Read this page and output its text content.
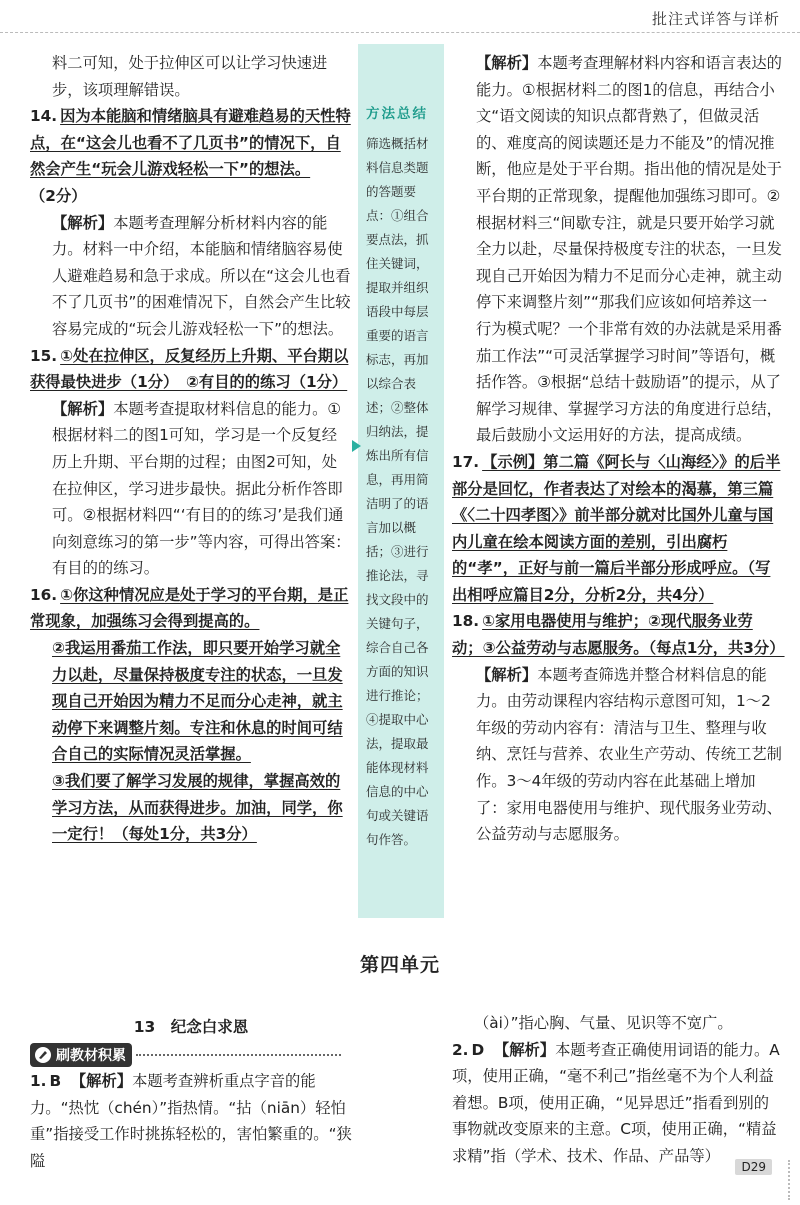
批注式详答与详析

料二可知，处于拉伸区可以让学习快速进步，该项理解错误。

14. 因为本能脑和情绪脑具有避难趋易的天性特点，在“这会儿也看不了几页书”的情况下，自然会产生“玩会儿游戏轻松一下”的想法。（2分）

【解析】本题考查理解分析材料内容的能力。材料一中介绍，本能脑和情绪脑容易使人避难趋易和急于求成。所以在“这会儿也看不了几页书”的困难情况下，自然会产生比较容易完成的“玩会儿游戏轻松一下”的想法。

15. ①处在拉伸区，反复经历上升期、平台期以获得最快进步（1分）　②有目的的练习（1分）

【解析】本题考查提取材料信息的能力。①根据材料二的图1可知，学习是一个反复经历上升期、平台期的过程；由图2可知，处在拉伸区，学习进步最快。据此分析作答即可。②根据材料四“‘有目的的练习’是我们通向刻意练习的第一步”等内容，可得出答案：有目的的练习。

16. ①你这种情况应是处于学习的平台期，是正常现象，加强练习会得到提高的。

②我运用番茄工作法，即只要开始学习就全力以赴，尽量保持极度专注的状态，一旦发现自己开始因为精力不足而分心走神，就主动停下来调整片刻。专注和休息的时间可结合自己的实际情况灵活掌握。

③我们要了解学习发展的规律，掌握高效的学习方法，从而获得进步。加油，同学，你一定行！（每处1分，共3分）

方法总结
筛选概括材料信息类题的答题要点：①组合要点法，抓住关键词，提取并组织语段中每层重要的语言标志，再加以综合表述；②整体归纳法，提炼出所有信息，再用简洁明了的语言加以概括；③进行推论法，寻找文段中的关键句子，综合自己各方面的知识进行推论；④提取中心法，提取最能体现材料信息的中心句或关键语句作答。

【解析】本题考查理解材料内容和语言表达的能力。①根据材料二的图1的信息，再结合小文“语文阅读的知识点都背熟了，但做灵活的、难度高的阅读题还是力不能及”的情况推断，他应是处于平台期。指出他的情况是处于平台期的正常现象，提醒他加强练习即可。②根据材料三“间歇专注，就是只要开始学习就全力以赴，尽量保持极度专注的状态，一旦发现自己开始因为精力不足而分心走神，就主动停下来调整片刻”“那我们应该如何培养这一行为模式呢？一个非常有效的办法就是采用番茄工作法”“可灵活掌握学习时间”等语句，概括作答。③根据“总结十鼓励语”的提示，从了解学习规律、掌握学习方法的角度进行总结，最后鼓励小文运用好的方法，提高成绩。

17. 【示例】第二篇《阿长与〈山海经〉》的后半部分是回忆，作者表达了对绘本的渴慕，第三篇《〈二十四孝图〉》前半部分就对比国外儿童与国内儿童在绘本阅读方面的差别，引出腐朽的“孝”，正好与前一篇后半部分形成呼应。（写出相呼应篇目2分，分析2分，共4分）

18. ①家用电器使用与维护；②现代服务业劳动；③公益劳动与志愿服务。（每点1分，共3分）

【解析】本题考查筛选并整合材料信息的能力。由劳动课程内容结构示意图可知，1～2年级的劳动内容有：清洁与卫生、整理与收纳、烹饪与营养、农业生产劳动、传统工艺制作。3～4年级的劳动内容在此基础上增加了：家用电器使用与维护、现代服务业劳动、公益劳动与志愿服务。

第四单元
13　纪念白求恩
刷教材积累

1. B 【解析】本题考查辨析重点字音的能力。“热忱（chén）”指热情。“拈（niān）轻怕重”指接受工作时挑拣轻松的，害怕繁重的。“狭隘

（ài）”指心胸、气量、见识等不宽广。

2. D 【解析】本题考查正确使用词语的能力。A项，使用正确，“毫不利己”指丝毫不为个人利益着想。B项，使用正确，“见异思迁”指看到别的事物就改变原来的主意。C项，使用正确，“精益求精”指（学术、技术、作品、产品等）

D29
